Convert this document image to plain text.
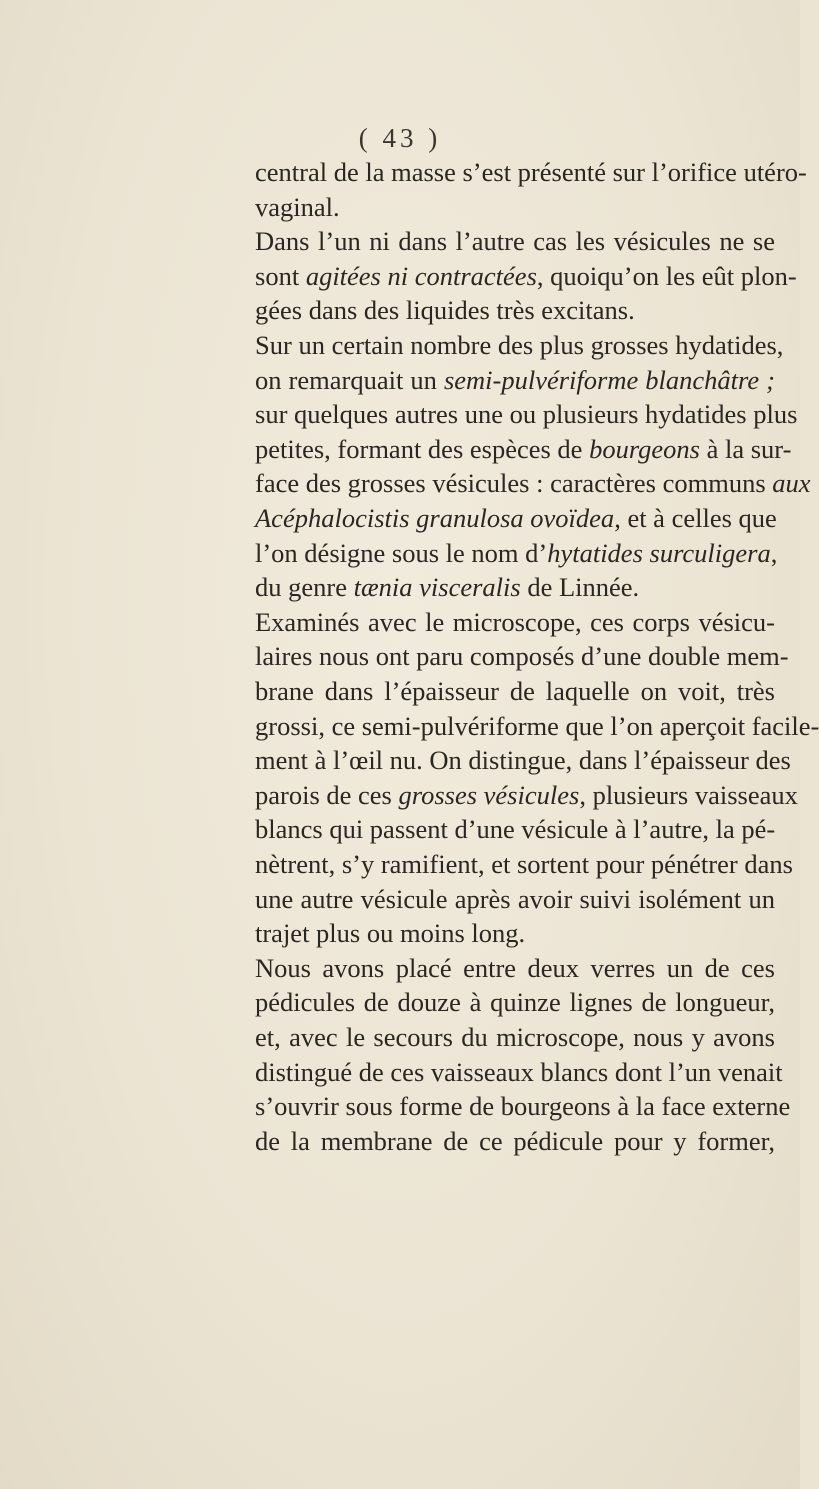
( 43 )
central de la masse s’est présenté sur l’orifice utéro-
vaginal.
Dans l’un ni dans l’autre cas les vésicules ne se
sont agitées ni contractées, quoiqu’on les eût plon-
gées dans des liquides très excitans.
Sur un certain nombre des plus grosses hydatides,
on remarquait un semi-pulvériforme blanchâtre ;
sur quelques autres une ou plusieurs hydatides plus
petites, formant des espèces de bourgeons à la sur-
face des grosses vésicules : caractères communs aux
Acéphalocistis granulosa ovoïdea, et à celles que
l’on désigne sous le nom d’hytatides surculigera,
du genre tænia visceralis de Linnée.
Examinés avec le microscope, ces corps vésicu-
laires nous ont paru composés d’une double mem-
brane dans l’épaisseur de laquelle on voit, très
grossi, ce semi-pulvériforme que l’on aperçoit facile-
ment à l’œil nu. On distingue, dans l’épaisseur des
parois de ces grosses vésicules, plusieurs vaisseaux
blancs qui passent d’une vésicule à l’autre, la pé-
nètrent, s’y ramifient, et sortent pour pénétrer dans
une autre vésicule après avoir suivi isolément un
trajet plus ou moins long.
Nous avons placé entre deux verres un de ces
pédicules de douze à quinze lignes de longueur,
et, avec le secours du microscope, nous y avons
distingué de ces vaisseaux blancs dont l’un venait
s’ouvrir sous forme de bourgeons à la face externe
de la membrane de ce pédicule pour y former,
